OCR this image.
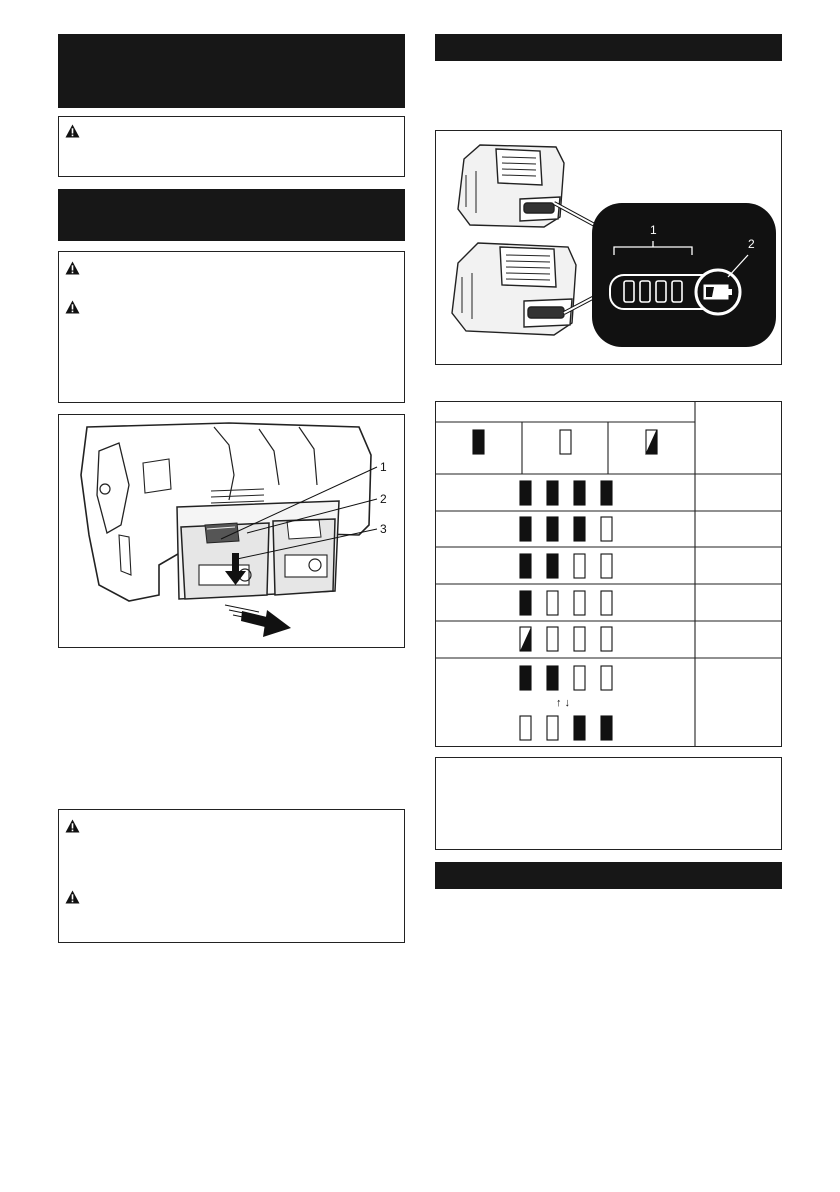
1
2
3
1
2
↑ ↓
